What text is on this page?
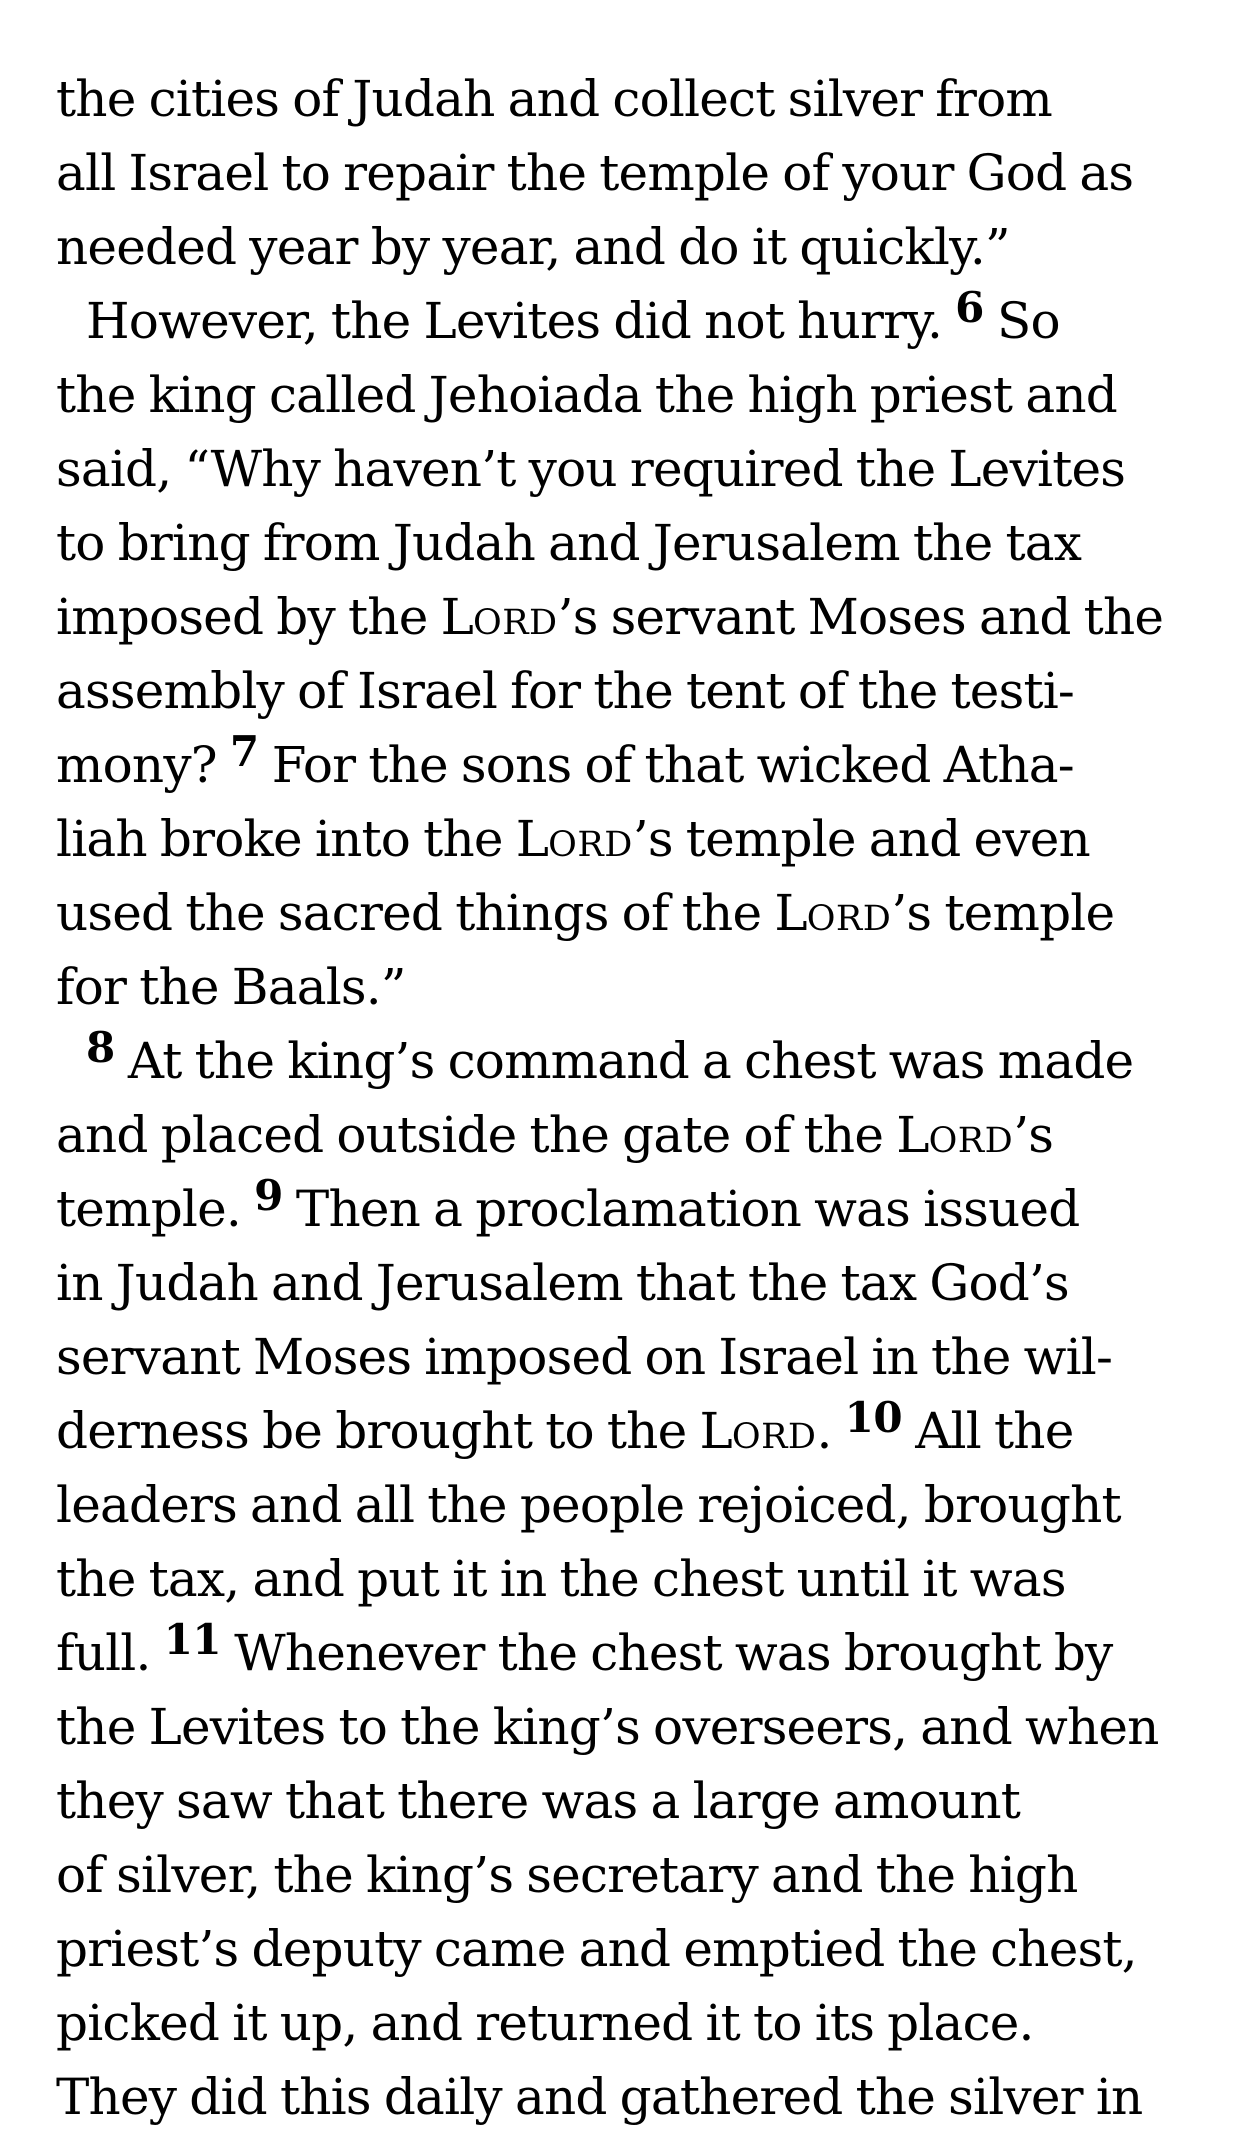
the cities of Judah and collect silver from
all Israel to repair the temple of your God as
needed year by year, and do it quickly.”
However, the Levites did not hurry. $^6$ So
the king called Jehoiada the high priest and
said, “Why haven’t you required the Levites
to bring from Judah and Jerusalem the tax
imposed by the LORD’s servant Moses and the
assembly of Israel for the tent of the testi-
mony? $^7$ For the sons of that wicked Atha-
liah broke into the LORD’s temple and even
used the sacred things of the LORD’s temple
for the Baals.”
$^8$ At the king’s command a chest was made
and placed outside the gate of the LORD’s
temple. $^9$ Then a proclamation was issued
in Judah and Jerusalem that the tax God’s
servant Moses imposed on Israel in the wil-
derness be brought to the LORD. $^{10}$ All the
leaders and all the people rejoiced, brought
the tax, and put it in the chest until it was
full. $^{11}$ Whenever the chest was brought by
the Levites to the king’s overseers, and when
they saw that there was a large amount
of silver, the king’s secretary and the high
priest’s deputy came and emptied the chest,
picked it up, and returned it to its place.
They did this daily and gathered the silver in
